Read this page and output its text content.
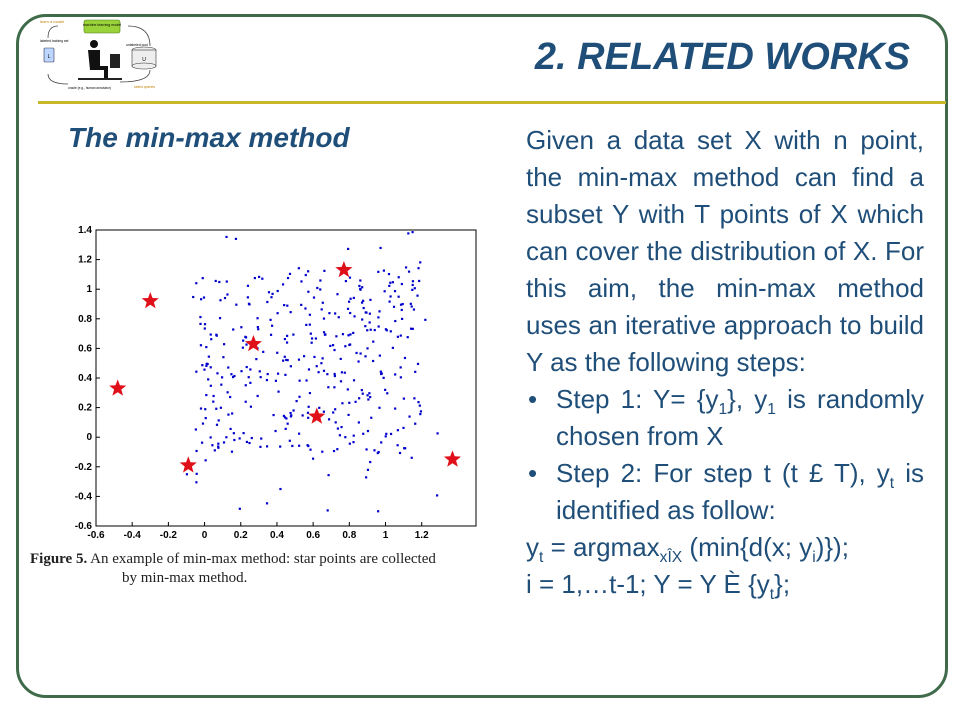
learn a model
machine learning model
labeled training set
L
unlabeled pool
U
oracle (e.g., human annotator)	select queries
2. RELATED WORKS
The min-max method
-0.6 -0.4 -0.2 0	0.2 0.4 0.6 0.8	1	1.2
1.4
1.2
1
0.8
0.6
0.4
0.2
0
-0.2
-0.4
-0.6
Figure 5. An example of min-max method: star points are collected
by min-max method.
Given a data set X with n point, the min-max method can find a subset Y with T points of X which can cover the distribution of X. For this aim, the min-max method uses an iterative approach to build Y as the following steps:
• Step 1: $Y= \{y_1\}$, $y_1$ is randomly chosen from X
• Step 2: For step t (t £ T), $y_t$ is identified as follow:
$y_t = argmax_{xÎX}$ (min{d(x; $y_i$)});
i = 1,…t-1; Y = Y È $\{y_t\}$;
